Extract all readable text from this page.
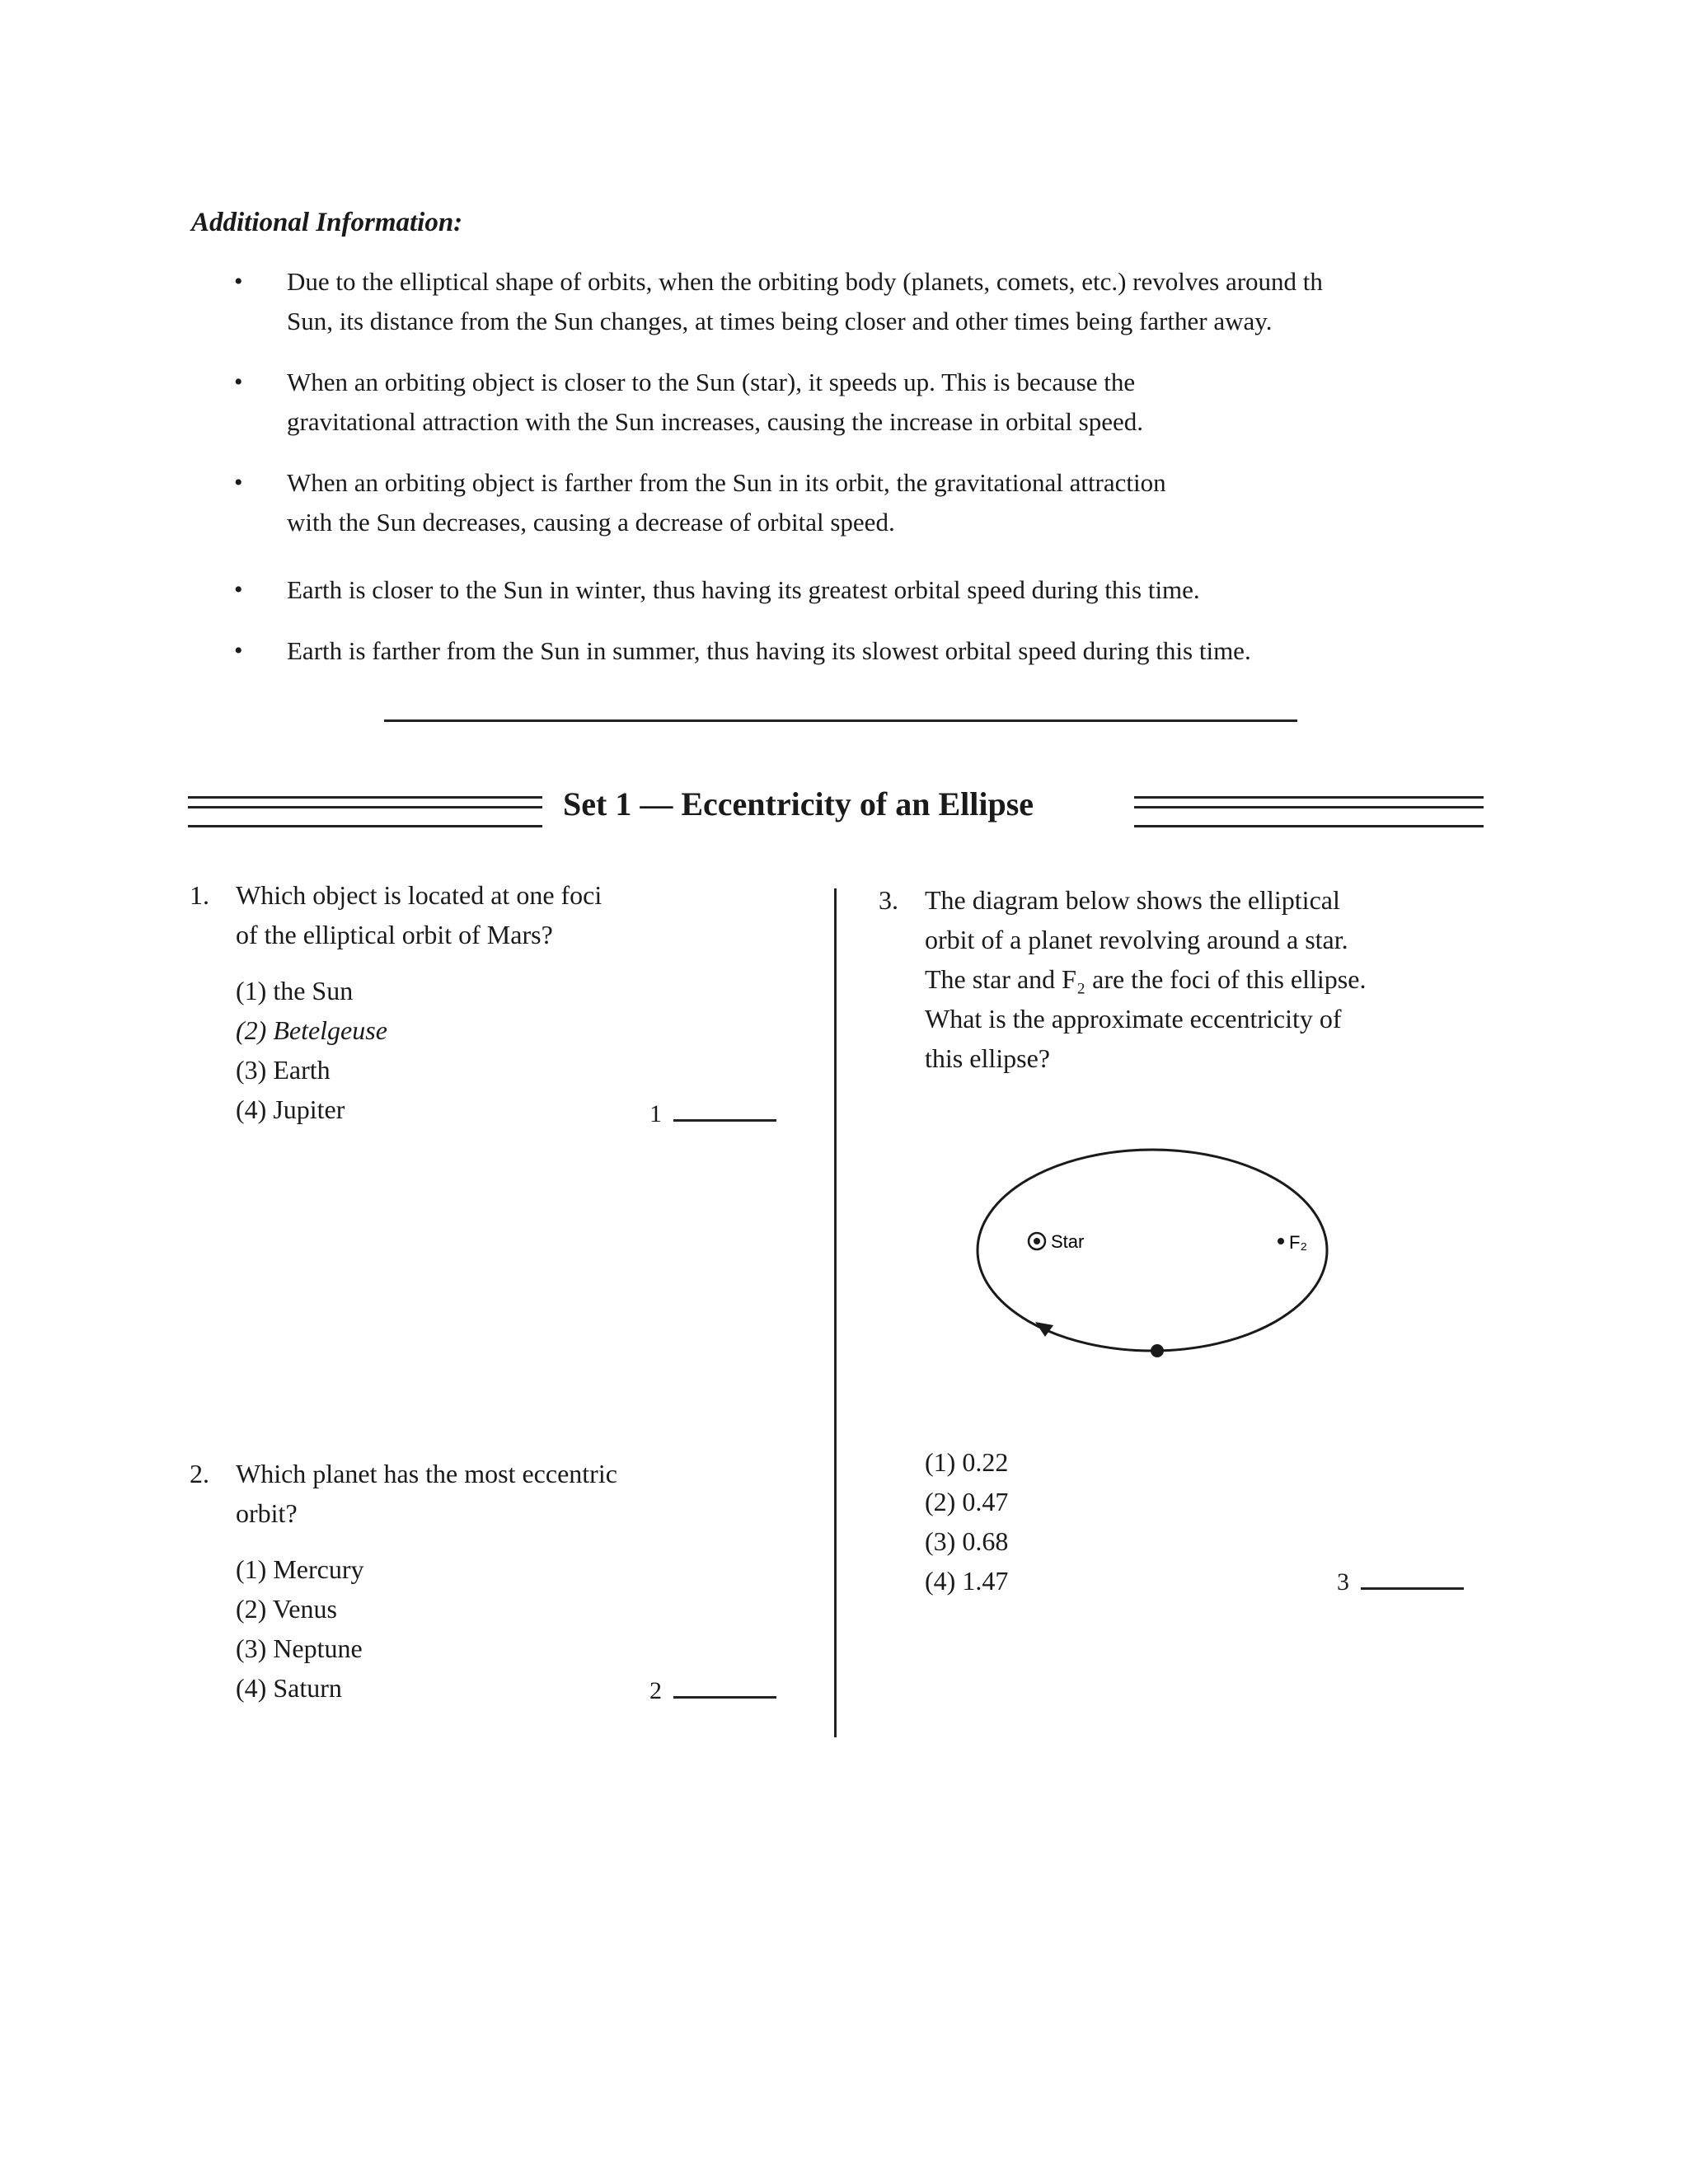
Additional Information:
• Due to the elliptical shape of orbits, when the orbiting body (planets, comets, etc.) revolves around th
Sun, its distance from the Sun changes, at times being closer and other times being farther away.
• When an orbiting object is closer to the Sun (star), it speeds up. This is because the
gravitational attraction with the Sun increases, causing the increase in orbital speed.
• When an orbiting object is farther from the Sun in its orbit, the gravitational attraction
with the Sun decreases, causing a decrease of orbital speed.
• Earth is closer to the Sun in winter, thus having its greatest orbital speed during this time.
• Earth is farther from the Sun in summer, thus having its slowest orbital speed during this time.
Set 1 — Eccentricity of an Ellipse
1. Which object is located at one foci
of the elliptical orbit of Mars?
(1) the Sun
(2) Betelgeuse
(3) Earth
(4) Jupiter	1
2. Which planet has the most eccentric
orbit?
(1) Mercury
(2) Venus
(3) Neptune
(4) Saturn	2
3. The diagram below shows the elliptical
orbit of a planet revolving around a star.
The star and F₂ are the foci of this ellipse.
What is the approximate eccentricity of
this ellipse?
Star	F₂
(1) 0.22
(2) 0.47
(3) 0.68
(4) 1.47	3
